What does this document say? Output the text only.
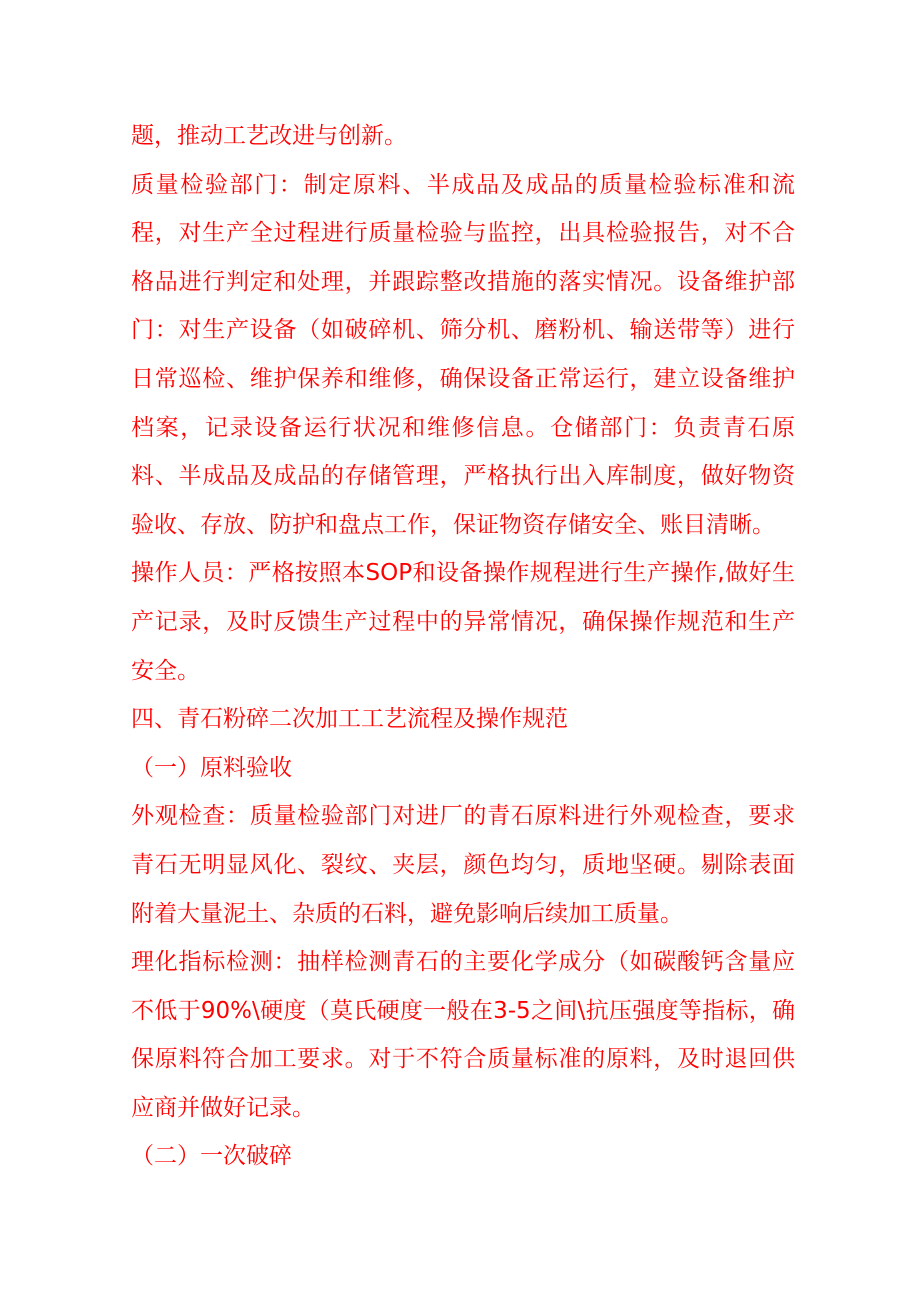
题，推动工艺改进与创新。

质量检验部门：制定原料、半成品及成品的质量检验标准和流程，对生产全过程进行质量检验与监控，出具检验报告，对不合格品进行判定和处理，并跟踪整改措施的落实情况。设备维护部门：对生产设备（如破碎机、筛分机、磨粉机、输送带等）进行日常巡检、维护保养和维修，确保设备正常运行，建立设备维护档案，记录设备运行状况和维修信息。仓储部门：负责青石原料、半成品及成品的存储管理，严格执行出入库制度，做好物资验收、存放、防护和盘点工作，保证物资存储安全、账目清晰。

操作人员：严格按照本SOP和设备操作规程进行生产操作,做好生产记录，及时反馈生产过程中的异常情况，确保操作规范和生产安全。

四、青石粉碎二次加工工艺流程及操作规范

（一）原料验收

外观检查：质量检验部门对进厂的青石原料进行外观检查，要求青石无明显风化、裂纹、夹层，颜色均匀，质地坚硬。剔除表面附着大量泥土、杂质的石料，避免影响后续加工质量。

理化指标检测：抽样检测青石的主要化学成分（如碳酸钙含量应不低于90%\硬度（莫氏硬度一般在3-5之间\抗压强度等指标，确保原料符合加工要求。对于不符合质量标准的原料，及时退回供应商并做好记录。

（二）一次破碎
